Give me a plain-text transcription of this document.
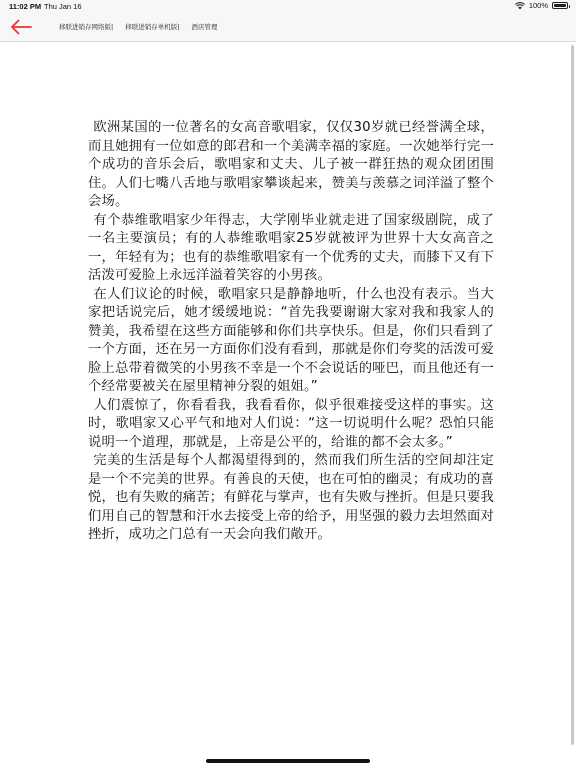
11:02 PM Thu Jan 16	100%
移联进销存网络版| 移联进销存单机版| 酒店管理

欧洲某国的一位著名的女高音歌唱家，仅仅30岁就已经誉满全球，而且她拥有一位如意的郎君和一个美满幸福的家庭。一次她举行完一个成功的音乐会后，歌唱家和丈夫、儿子被一群狂热的观众团团围住。人们七嘴八舌地与歌唱家攀谈起来，赞美与羡慕之词洋溢了整个会场。

有个恭维歌唱家少年得志，大学刚毕业就走进了国家级剧院，成了一名主要演员；有的人恭维歌唱家25岁就被评为世界十大女高音之一，年轻有为；也有的恭维歌唱家有一个优秀的丈夫，而膝下又有下活泼可爱脸上永远洋溢着笑容的小男孩。

在人们议论的时候，歌唱家只是静静地听，什么也没有表示。当大家把话说完后，她才缓缓地说：“首先我要谢谢大家对我和我家人的赞美，我希望在这些方面能够和你们共享快乐。但是，你们只看到了一个方面，还在另一方面你们没有看到，那就是你们夸奖的活泼可爱脸上总带着微笑的小男孩不幸是一个不会说话的哑巴，而且他还有一个经常要被关在屋里精神分裂的姐姐。”

人们震惊了，你看看我，我看看你，似乎很难接受这样的事实。这时，歌唱家又心平气和地对人们说：“这一切说明什么呢？恐怕只能说明一个道理，那就是，上帝是公平的，给谁的都不会太多。”

完美的生活是每个人都渴望得到的，然而我们所生活的空间却注定是一个不完美的世界。有善良的天使，也在可怕的幽灵；有成功的喜悦，也有失败的痛苦；有鲜花与掌声，也有失败与挫折。但是只要我们用自己的智慧和汗水去接受上帝的给予，用坚强的毅力去坦然面对挫折，成功之门总有一天会向我们敞开。
